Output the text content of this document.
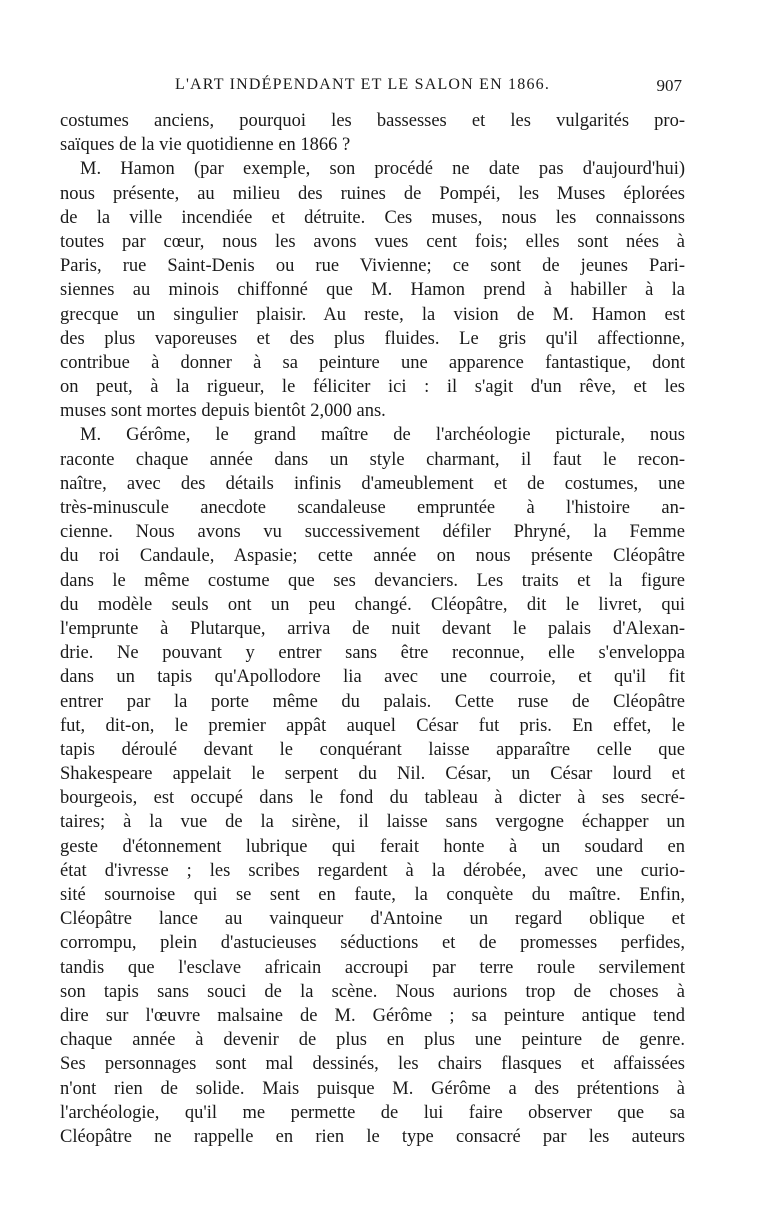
L'ART INDÉPENDANT ET LE SALON EN 1866.	907
costumes anciens, pourquoi les bassesses et les vulgarités pro-
saïques de la vie quotidienne en 1866 ?
M. Hamon (par exemple, son procédé ne date pas d'aujourd'hui)
nous présente, au milieu des ruines de Pompéi, les Muses éplorées
de la ville incendiée et détruite. Ces muses, nous les connaissons
toutes par cœur, nous les avons vues cent fois; elles sont nées à
Paris, rue Saint-Denis ou rue Vivienne; ce sont de jeunes Pari-
siennes au minois chiffonné que M. Hamon prend à habiller à la
grecque un singulier plaisir. Au reste, la vision de M. Hamon est
des plus vaporeuses et des plus fluides. Le gris qu'il affectionne,
contribue à donner à sa peinture une apparence fantastique, dont
on peut, à la rigueur, le féliciter ici : il s'agit d'un rêve, et les
muses sont mortes depuis bientôt 2,000 ans.
M. Gérôme, le grand maître de l'archéologie picturale, nous
raconte chaque année dans un style charmant, il faut le recon-
naître, avec des détails infinis d'ameublement et de costumes, une
très-minuscule anecdote scandaleuse empruntée à l'histoire an-
cienne. Nous avons vu successivement défiler Phryné, la Femme
du roi Candaule, Aspasie; cette année on nous présente Cléopâtre
dans le même costume que ses devanciers. Les traits et la figure
du modèle seuls ont un peu changé. Cléopâtre, dit le livret, qui
l'emprunte à Plutarque, arriva de nuit devant le palais d'Alexan-
drie. Ne pouvant y entrer sans être reconnue, elle s'enveloppa
dans un tapis qu'Apollodore lia avec une courroie, et qu'il fit
entrer par la porte même du palais. Cette ruse de Cléopâtre
fut, dit-on, le premier appât auquel César fut pris. En effet, le
tapis déroulé devant le conquérant laisse apparaître celle que
Shakespeare appelait le serpent du Nil. César, un César lourd et
bourgeois, est occupé dans le fond du tableau à dicter à ses secré-
taires; à la vue de la sirène, il laisse sans vergogne échapper un
geste d'étonnement lubrique qui ferait honte à un soudard en
état d'ivresse ; les scribes regardent à la dérobée, avec une curio-
sité sournoise qui se sent en faute, la conquète du maître. Enfin,
Cléopâtre lance au vainqueur d'Antoine un regard oblique et
corrompu, plein d'astucieuses séductions et de promesses perfides,
tandis que l'esclave africain accroupi par terre roule servilement
son tapis sans souci de la scène. Nous aurions trop de choses à
dire sur l'œuvre malsaine de M. Gérôme ; sa peinture antique tend
chaque année à devenir de plus en plus une peinture de genre.
Ses personnages sont mal dessinés, les chairs flasques et affaissées
n'ont rien de solide. Mais puisque M. Gérôme a des prétentions à
l'archéologie, qu'il me permette de lui faire observer que sa
Cléopâtre ne rappelle en rien le type consacré par les auteurs
